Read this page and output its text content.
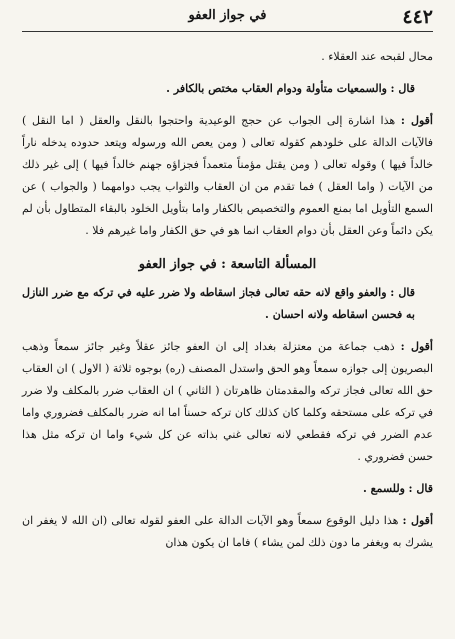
٤٤٢
في جواز العفو

محال لقبحه عند العقلاء .

قال : والسمعيات متأولة ودوام العقاب مختص بالكافر .

أقول : هذا اشارة إلى الجواب عن حجج الوعيدية واحتجوا بالنقل والعقل ( اما النقل ) فالآيات الدالة على خلودهم كقوله تعالى ( ومن يعص الله ورسوله ويتعد حدوده يدخله ناراً خالداً فيها ) وقوله تعالى ( ومن يقتل مؤمناً متعمداً فجزاؤه جهنم خالداً فيها ) إلى غير ذلك من الآيات ( واما العقل ) فما تقدم من ان العقاب والثواب يجب دوامهما ( والجواب ) عن السمع التأويل اما بمنع العموم والتخصيص بالكفار واما بتأويل الخلود بالبقاء المتطاول بأن لم يكن دائماً وعن العقل بأن دوام العقاب انما هو في حق الكفار واما غيرهم فلا .

المسألة التاسعة : في جواز العفو

قال : والعفو واقع لانه حقه تعالى فجاز اسقاطه ولا ضرر عليه في تركه مع ضرر النازل به فحسن اسقاطه ولانه احسان .

أقول : ذهب جماعة من معتزلة بغداد إلى ان العفو جائز عقلاً وغير جائز سمعاً وذهب البصريون إلى جوازه سمعاً وهو الحق واستدل المصنف (ره) بوجوه ثلاثة ( الاول ) ان العقاب حق الله تعالى فجاز تركه والمقدمتان ظاهرتان ( الثاني ) ان العقاب ضرر بالمكلف ولا ضرر في تركه على مستحقه وكلما كان كذلك كان تركه حسناً اما انه ضرر بالمكلف فضروري واما عدم الضرر في تركه فقطعي لانه تعالى غني بذاته عن كل شيء واما ان تركه مثل هذا حسن فضروري .

قال : وللسمع .

أقول : هذا دليل الوقوع سمعاً وهو الآيات الدالة على العفو لقوله تعالى (ان الله لا يغفر ان يشرك به ويغفر ما دون ذلك لمن يشاء ) فاما ان يكون هذان
